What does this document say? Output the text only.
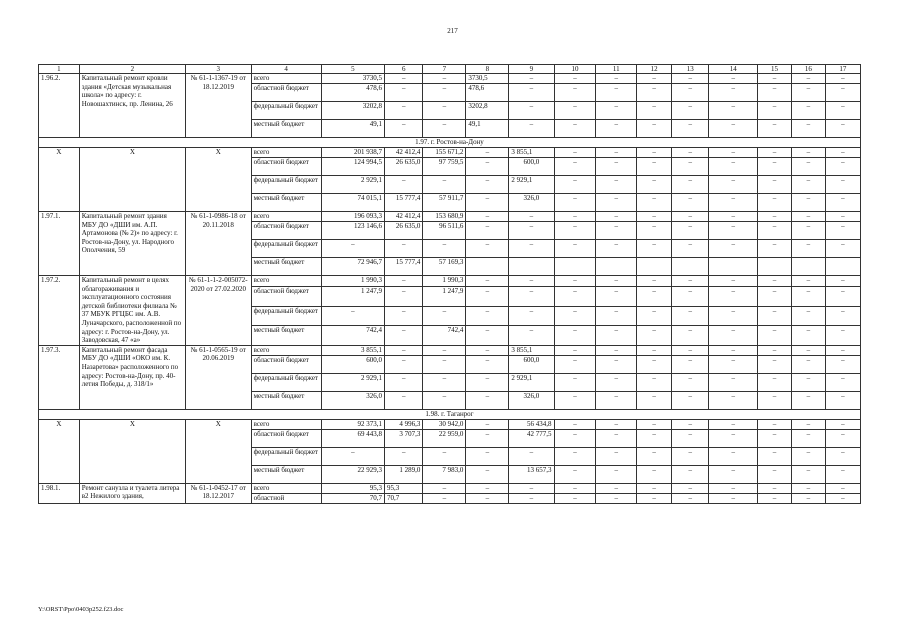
217
1	2	3	4	5	6	7	8	9	10	11	12	13	14	15	16	17
1.96.2.	Капитальный ремонт кровли здания «Детская музыкальная школа» по адресу: г. Новошахтинск, пр. Ленина, 26	№ 61-1-1367-19 от 18.12.2019	всего	3730,5	–	–	3730,5	–	–	–	–	–	–	–	–	–
			областной бюджет	478,6	–	–	478,6	–	–	–	–	–	–	–	–	–
			федеральный бюджет	3202,8	–	–	3202,8	–	–	–	–	–	–	–	–	–
			местный бюджет	49,1	–	–	49,1	–	–	–	–	–	–	–	–	–
1.97. г. Ростов-на-Дону																
X	X	X	всего	201 938,7	42 412,4	155 671,2	–	3 855,1	–	–	–	–	–	–	–	–
			областной бюджет	124 994,5	26 635,0	97 759,5	–	600,0	–	–	–	–	–	–	–	–
			федеральный бюджет	2 929,1	–	–	–	2 929,1	–	–	–	–	–	–	–	–
			местный бюджет	74 015,1	15 777,4	57 911,7	–	326,0	–	–	–	–	–	–	–	–
1.97.1.	Капитальный ремонт здания МБУ ДО «ДШИ им. А.П. Артамонова (№ 2)» по адресу: г. Ростов-на-Дону, ул. Народного Ополчения, 59	№ 61-1-0986-18 от 20.11.2018	всего	196 093,3	42 412,4	153 680,9	–	–	–	–	–	–	–	–	–	–
			областной бюджет	123 146,6	26 635,0	96 511,6	–	–	–	–	–	–	–	–	–	–
			федеральный бюджет	–	–	–	–	–	–	–	–	–	–	–	–	–
			местный бюджет	72 946,7	15 777,4	57 169,3										
1.97.2.	Капитальный ремонт в целях облагораживания и эксплуатационного состояния детской библиотеки филиала № 37 МБУК РГЦБС им. А.В. Луначарского, расположенной по адресу: г. Ростов-на-Дону, ул. Заводовская, 47 «а»	№ 61-1-1-2-005072-2020 от 27.02.2020	всего	1 990,3	–	1 990,3	–	–	–	–	–	–	–	–	–	–
			областной бюджет	1 247,9	–	1 247,9	–	–	–	–	–	–	–	–	–	–
			федеральный бюджет	–	–	–	–	–	–	–	–	–	–	–	–	–
			местный бюджет	742,4	–	742,4	–	–	–	–	–	–	–	–	–	–
1.97.3.	Капитальный ремонт фасада МБУ ДО «ДШИ «ОКО им. К. Назаретова» расположенного по адресу: Ростов-на-Дону, пр. 40-летия Победы, д. 318/1»	№ 61-1-0565-19 от 20.06.2019	всего	3 855,1	–	–	–	3 855,1	–	–	–	–	–	–	–	–
			областной бюджет	600,0	–	–	–	600,0	–	–	–	–	–	–	–	–
			федеральный бюджет	2 929,1	–	–	–	2 929,1	–	–	–	–	–	–	–	–
			местный бюджет	326,0	–	–	–	326,0	–	–	–	–	–	–	–	–
1.98. г. Таганрог																
X	X	X	всего	92 373,1	4 996,3	30 942,0	–	56 434,8	–	–	–	–	–	–	–	–
			областной бюджет	69 443,8	3 707,3	22 959,0	–	42 777,5	–	–	–	–	–	–	–	–
			федеральный бюджет	–	–	–	–	–	–	–	–	–	–	–	–	–
			местный бюджет	22 929,3	1 289,0	7 983,0	–	13 657,3	–	–	–	–	–	–	–	–
1.98.1.	Ремонт санузла и туалета литера в2 Нежилого здания,	№ 61-1-0452-17 от 18.12.2017	всего	95,3	95,3	–	–	–	–	–	–	–	–	–	–	–
			областной	70,7	70,7	–	–	–	–	–	–	–	–	–	–	–
Y:\ORST\Ppo\0403p252.f23.doc
